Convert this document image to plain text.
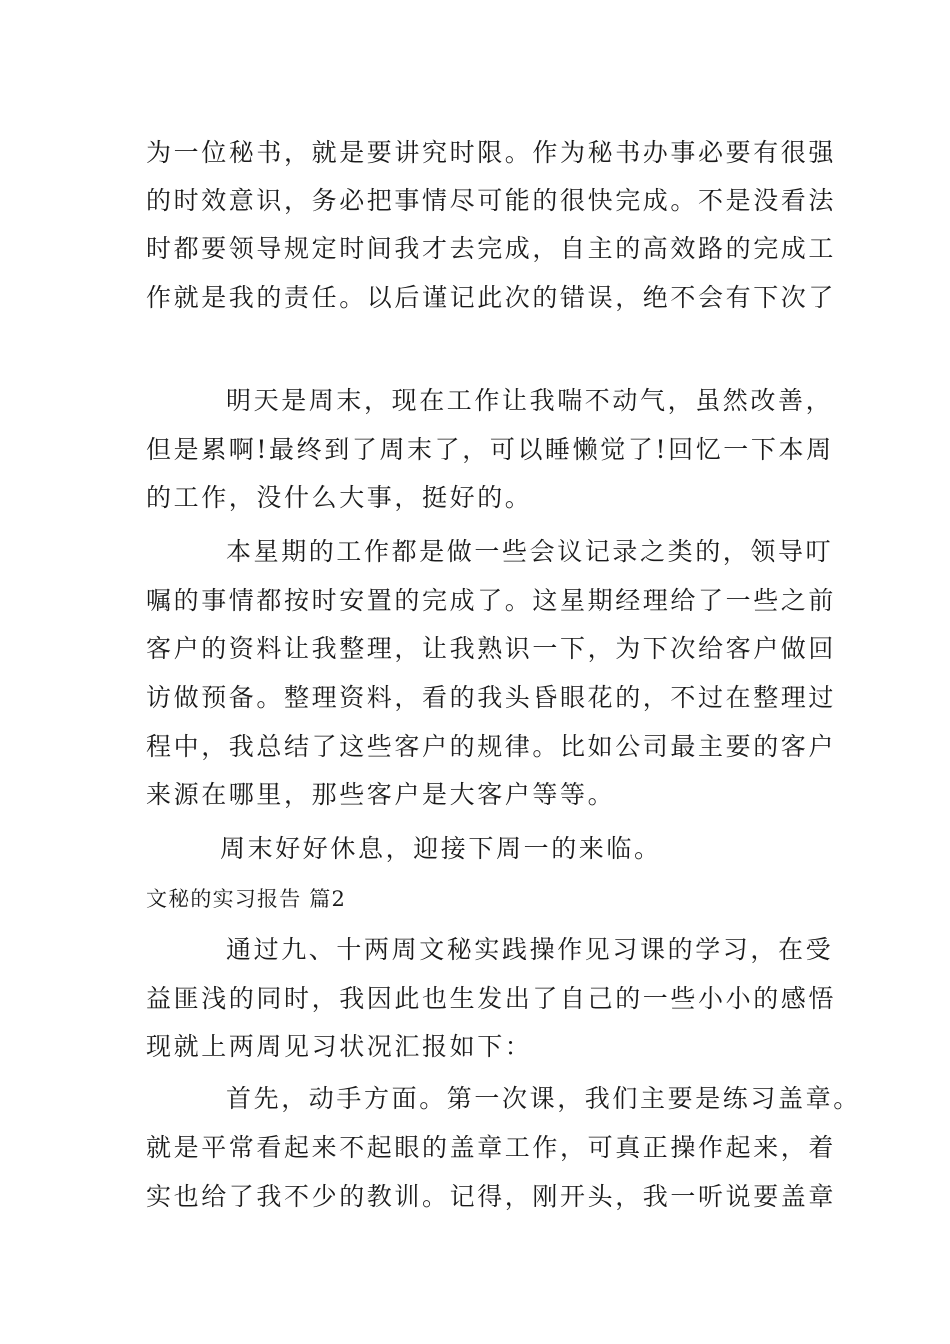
为一位秘书，就是要讲究时限。作为秘书办事必要有很强
的时效意识，务必把事情尽可能的很快完成。不是没看法
时都要领导规定时间我才去完成，自主的高效路的完成工
作就是我的责任。以后谨记此次的错误，绝不会有下次了
明天是周末，现在工作让我喘不动气，虽然改善，
但是累啊!最终到了周末了，可以睡懒觉了!回忆一下本周
的工作，没什么大事，挺好的。
本星期的工作都是做一些会议记录之类的，领导叮
嘱的事情都按时安置的完成了。这星期经理给了一些之前
客户的资料让我整理，让我熟识一下，为下次给客户做回
访做预备。整理资料，看的我头昏眼花的，不过在整理过
程中，我总结了这些客户的规律。比如公司最主要的客户
来源在哪里，那些客户是大客户等等。
周末好好休息，迎接下周一的来临。
文秘的实习报告 篇2
通过九、十两周文秘实践操作见习课的学习，在受
益匪浅的同时，我因此也生发出了自己的一些小小的感悟
现就上两周见习状况汇报如下：
首先，动手方面。第一次课，我们主要是练习盖章。
就是平常看起来不起眼的盖章工作，可真正操作起来，着
实也给了我不少的教训。记得，刚开头，我一听说要盖章
